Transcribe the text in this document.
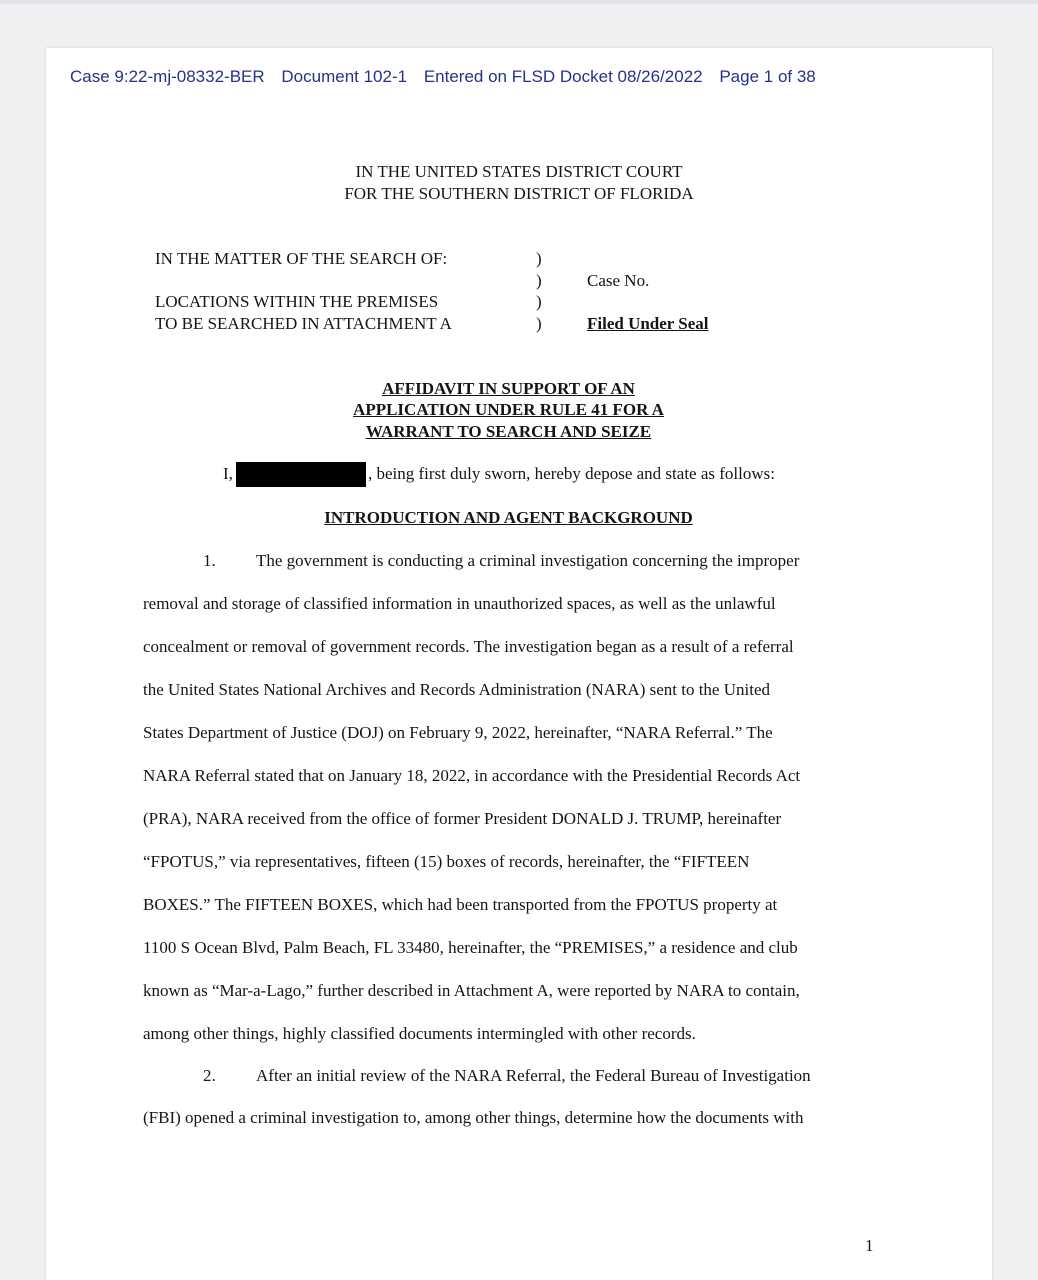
Case 9:22-mj-08332-BER Document 102-1 Entered on FLSD Docket 08/26/2022 Page 1 of 38
IN THE UNITED STATES DISTRICT COURT
FOR THE SOUTHERN DISTRICT OF FLORIDA
IN THE MATTER OF THE SEARCH OF:
LOCATIONS WITHIN THE PREMISES
TO BE SEARCHED IN ATTACHMENT A
)
)
)
)
Case No.
Filed Under Seal
AFFIDAVIT IN SUPPORT OF AN
APPLICATION UNDER RULE 41 FOR A
WARRANT TO SEARCH AND SEIZE
I,	, being first duly sworn, hereby depose and state as follows:
INTRODUCTION AND AGENT BACKGROUND
1. The government is conducting a criminal investigation concerning the improper
removal and storage of classified information in unauthorized spaces, as well as the unlawful
concealment or removal of government records. The investigation began as a result of a referral
the United States National Archives and Records Administration (NARA) sent to the United
States Department of Justice (DOJ) on February 9, 2022, hereinafter, “NARA Referral.” The
NARA Referral stated that on January 18, 2022, in accordance with the Presidential Records Act
(PRA), NARA received from the office of former President DONALD J. TRUMP, hereinafter
“FPOTUS,” via representatives, fifteen (15) boxes of records, hereinafter, the “FIFTEEN
BOXES.” The FIFTEEN BOXES, which had been transported from the FPOTUS property at
1100 S Ocean Blvd, Palm Beach, FL 33480, hereinafter, the “PREMISES,” a residence and club
known as “Mar-a-Lago,” further described in Attachment A, were reported by NARA to contain,
among other things, highly classified documents intermingled with other records.
2. After an initial review of the NARA Referral, the Federal Bureau of Investigation
(FBI) opened a criminal investigation to, among other things, determine how the documents with
1
